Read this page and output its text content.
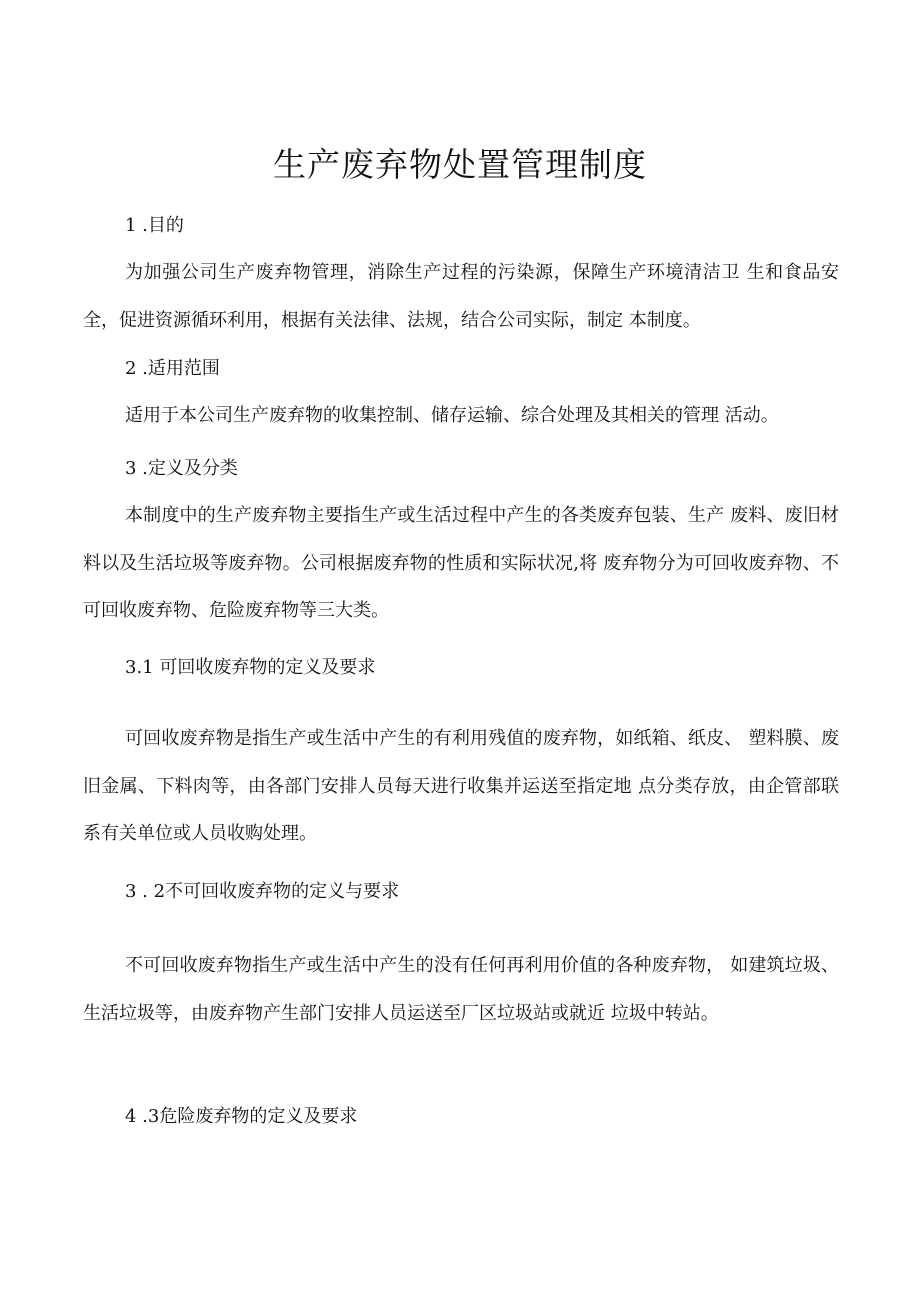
生产废弃物处置管理制度
1 .目的

为加强公司生产废弃物管理，消除生产过程的污染源，保障生产环境清洁卫 生和食品安全，促进资源循环利用，根据有关法律、法规，结合公司实际，制定 本制度。

2 .适用范围

适用于本公司生产废弃物的收集控制、储存运输、综合处理及其相关的管理 活动。

3 .定义及分类

本制度中的生产废弃物主要指生产或生活过程中产生的各类废弃包装、生产 废料、废旧材料以及生活垃圾等废弃物。公司根据废弃物的性质和实际状况,将 废弃物分为可回收废弃物、不可回收废弃物、危险废弃物等三大类。

3.1 可回收废弃物的定义及要求

可回收废弃物是指生产或生活中产生的有利用残值的废弃物，如纸箱、纸皮、 塑料膜、废旧金属、下料肉等，由各部门安排人员每天进行收集并运送至指定地 点分类存放，由企管部联系有关单位或人员收购处理。

3 . 2不可回收废弃物的定义与要求

不可回收废弃物指生产或生活中产生的没有任何再利用价值的各种废弃物， 如建筑垃圾、生活垃圾等，由废弃物产生部门安排人员运送至厂区垃圾站或就近 垃圾中转站。

4 .3危险废弃物的定义及要求
